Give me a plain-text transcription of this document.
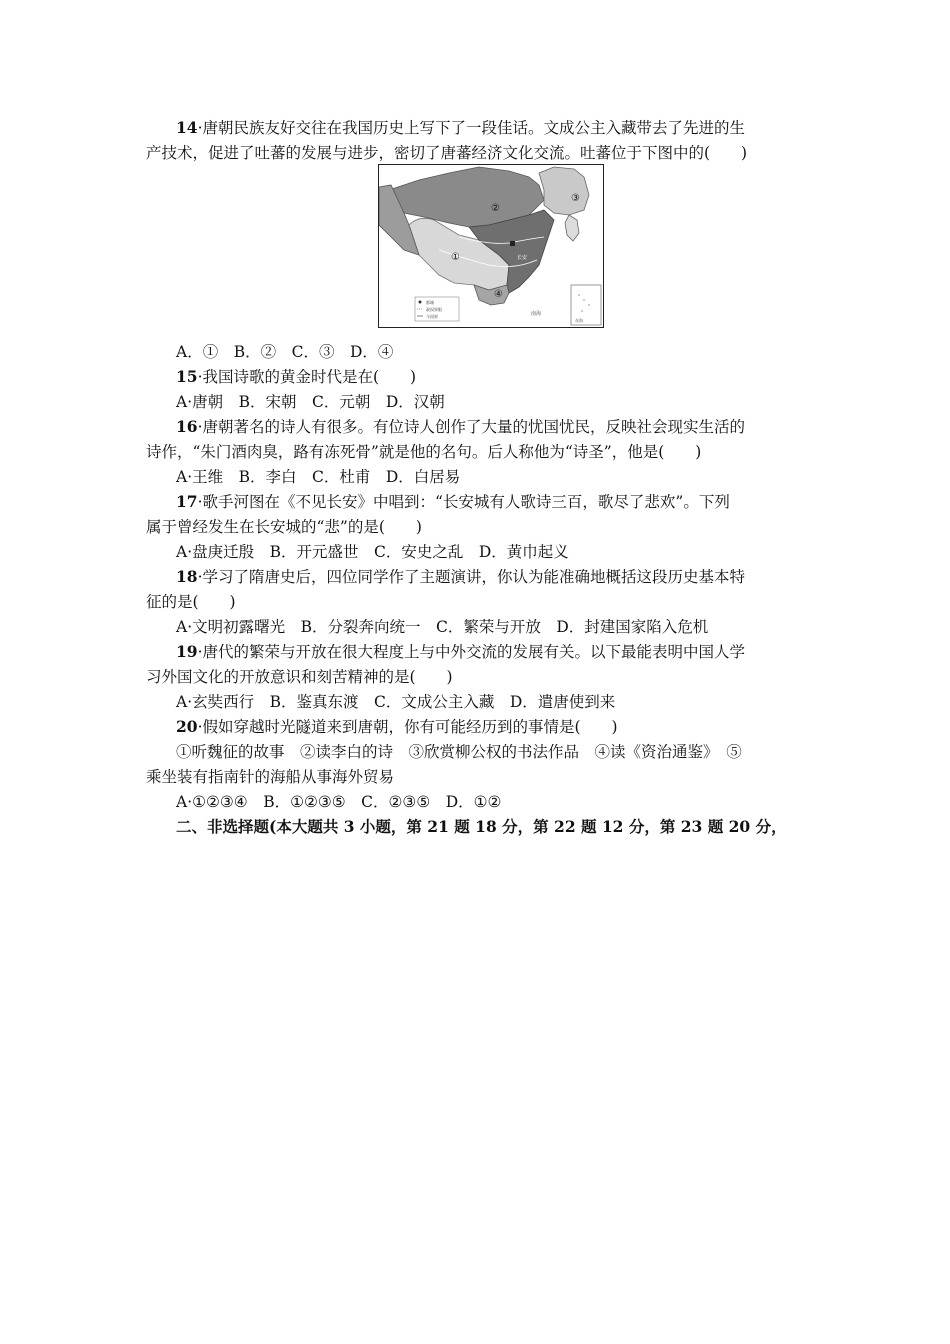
14·唐朝民族友好交往在我国历史上写下了一段佳话。文成公主入藏带去了先进的生
产技术，促进了吐蕃的发展与进步，密切了唐蕃经济文化交流。吐蕃位于下图中的(　　)
①
②
③
④
长安
都城
政权界限
今国界	南海
东海
A．①　B．②　C．③　D．④
15·我国诗歌的黄金时代是在(　　)
A·唐朝　B．宋朝　C．元朝　D．汉朝
16·唐朝著名的诗人有很多。有位诗人创作了大量的忧国忧民，反映社会现实生活的
诗作，“朱门酒肉臭，路有冻死骨”就是他的名句。后人称他为“诗圣”，他是(　　)
A·王维　B．李白　C．杜甫　D．白居易
17·歌手河图在《不见长安》中唱到：“长安城有人歌诗三百，歌尽了悲欢”。下列
属于曾经发生在长安城的“悲”的是(　　)
A·盘庚迁殷　B．开元盛世　C．安史之乱　D．黄巾起义
18·学习了隋唐史后，四位同学作了主题演讲，你认为能准确地概括这段历史基本特
征的是(　　)
A·文明初露曙光　B．分裂奔向统一　C．繁荣与开放　D．封建国家陷入危机
19·唐代的繁荣与开放在很大程度上与中外交流的发展有关。以下最能表明中国人学
习外国文化的开放意识和刻苦精神的是(　　)
A·玄奘西行　B．鉴真东渡　C．文成公主入藏　D．遣唐使到来
20·假如穿越时光隧道来到唐朝，你有可能经历到的事情是(　　)
①听魏征的故事　②读李白的诗　③欣赏柳公权的书法作品　④读《资治通鉴》　⑤
乘坐装有指南针的海船从事海外贸易
A·①②③④　B．①②③⑤　C．②③⑤　D．①②
二、非选择题(本大题共 3 小题，第 21 题 18 分，第 22 题 12 分，第 23 题 20 分，
